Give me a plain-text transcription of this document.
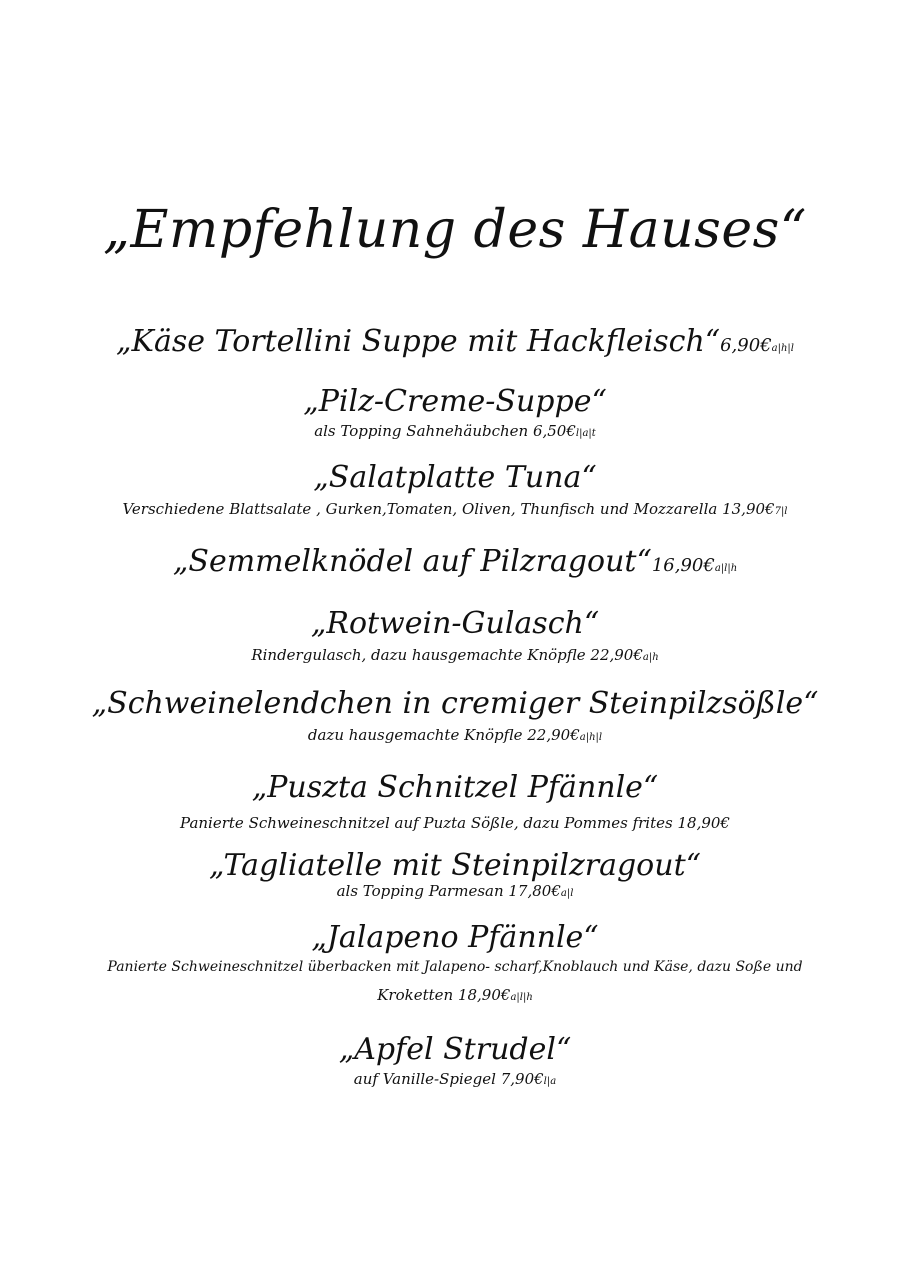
„Empfehlung des Hauses“
„Käse Tortellini Suppe mit Hackfleisch“6,90€a|h|l
„Pilz-Creme-Suppe“
als Topping Sahnehäubchen 6,50€l|a|t
„Salatplatte Tuna“
Verschiedene Blattsalate , Gurken,Tomaten, Oliven, Thunfisch und Mozzarella 13,90€7|l
„Semmelknödel auf Pilzragout“16,90€a|l|h
„Rotwein-Gulasch“
Rindergulasch, dazu hausgemachte Knöpfle 22,90€a|h
„Schweinelendchen in cremiger Steinpilzsößle“
dazu hausgemachte Knöpfle 22,90€a|h|l
„Puszta Schnitzel Pfännle“
Panierte Schweineschnitzel auf Puzta Sößle, dazu Pommes frites 18,90€
„Tagliatelle mit Steinpilzragout“
als Topping Parmesan 17,80€a|l
„Jalapeno Pfännle“
Panierte Schweineschnitzel überbacken mit Jalapeno- scharf,Knoblauch und Käse, dazu Soße und
Kroketten 18,90€a|l|h
„Apfel Strudel“
auf Vanille-Spiegel 7,90€l|a
